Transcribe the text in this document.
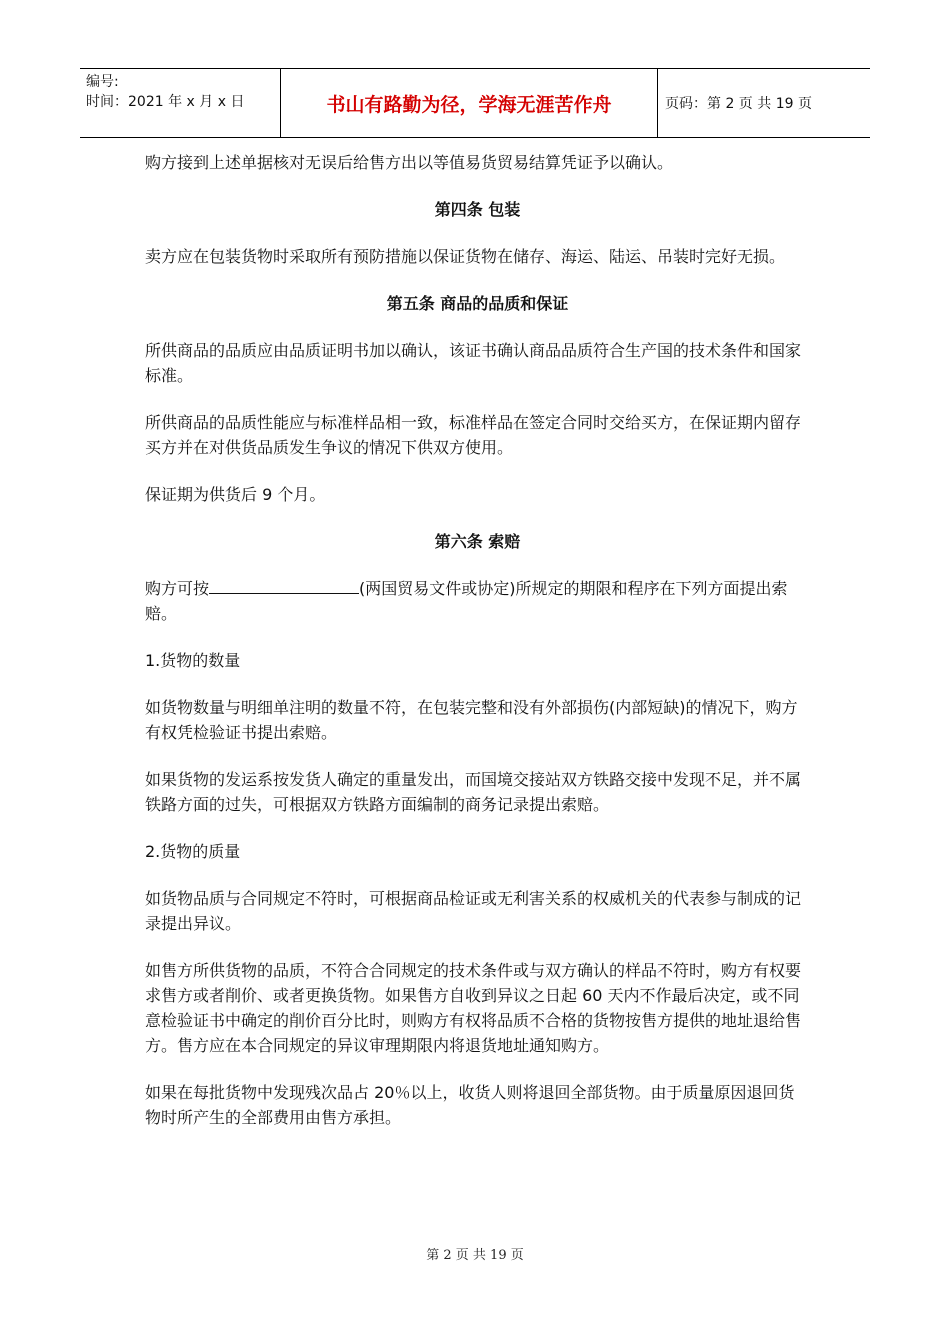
编号:
时间：2021 年 x 月 x 日	书山有路勤为径，学海无涯苦作舟	页码：第 2 页 共 19 页

购方接到上述单据核对无误后给售方出以等值易货贸易结算凭证予以确认。

第四条 包装

卖方应在包装货物时采取所有预防措施以保证货物在储存、海运、陆运、吊装时完好无损。

第五条 商品的品质和保证

所供商品的品质应由品质证明书加以确认，该证书确认商品品质符合生产国的技术条件和国家标准。

所供商品的品质性能应与标准样品相一致，标准样品在签定合同时交给买方，在保证期内留存买方并在对供货品质发生争议的情况下供双方使用。

保证期为供货后 9 个月。

第六条 索赔

购方可按	(两国贸易文件或协定)所规定的期限和程序在下列方面提出索赔。

1.货物的数量

如货物数量与明细单注明的数量不符，在包装完整和没有外部损伤(内部短缺)的情况下，购方有权凭检验证书提出索赔。

如果货物的发运系按发货人确定的重量发出，而国境交接站双方铁路交接中发现不足，并不属铁路方面的过失，可根据双方铁路方面编制的商务记录提出索赔。

2.货物的质量

如货物品质与合同规定不符时，可根据商品检证或无利害关系的权威机关的代表参与制成的记录提出异议。

如售方所供货物的品质，不符合合同规定的技术条件或与双方确认的样品不符时，购方有权要求售方或者削价、或者更换货物。如果售方自收到异议之日起 60 天内不作最后决定，或不同意检验证书中确定的削价百分比时，则购方有权将品质不合格的货物按售方提供的地址退给售方。售方应在本合同规定的异议审理期限内将退货地址通知购方。

如果在每批货物中发现残次品占 20％以上，收货人则将退回全部货物。由于质量原因退回货物时所产生的全部费用由售方承担。

第 2 页 共 19 页
